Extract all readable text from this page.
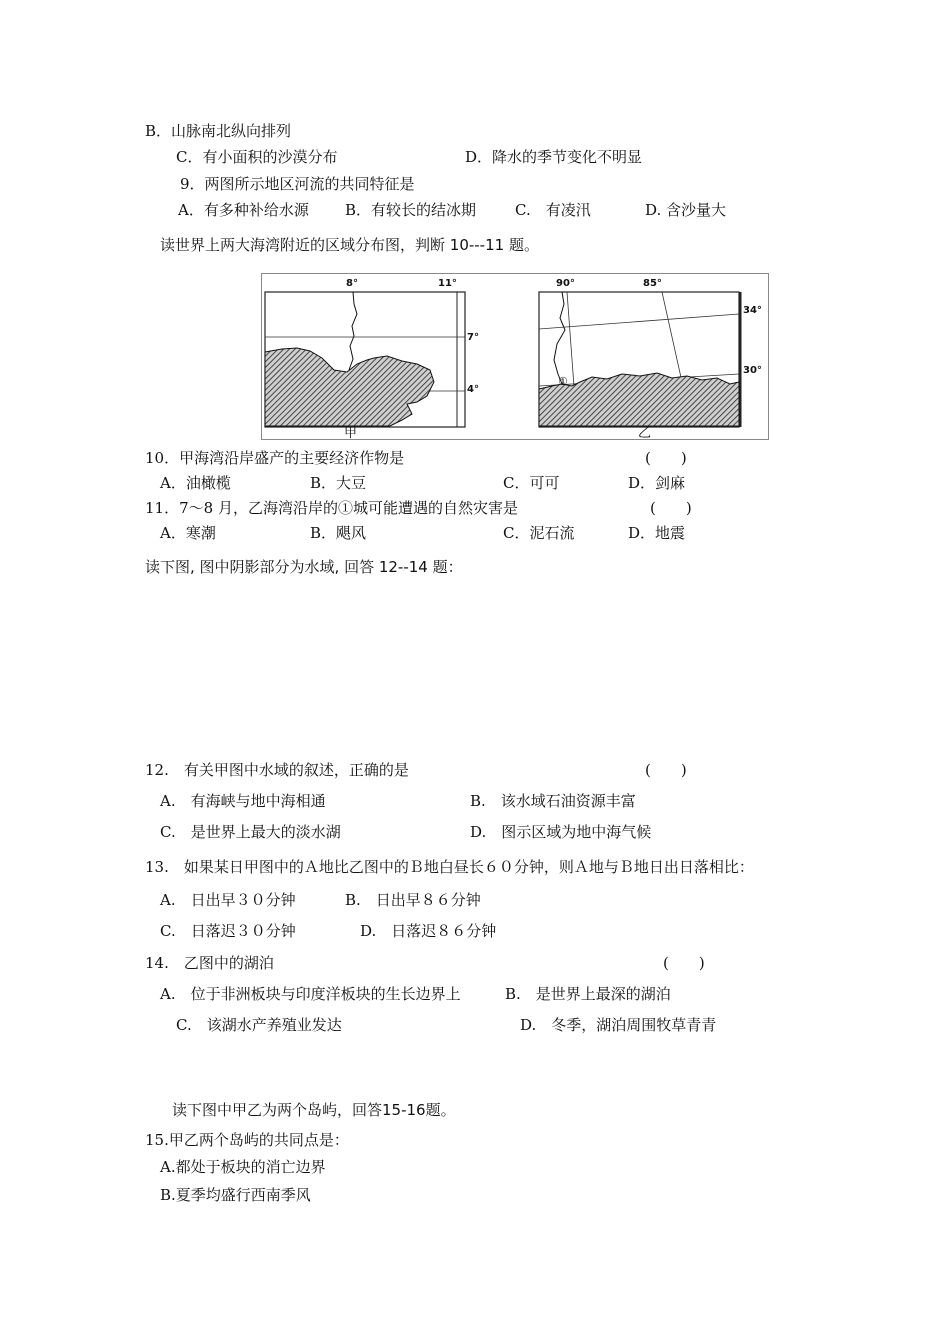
B．山脉南北纵向排列
C．有小面积的沙漠分布	D．降水的季节变化不明显
9．两图所示地区河流的共同特征是
A．有多种补给水源 B．有较长的结冰期	C.　有凌汛	D. 含沙量大
读世界上两大海湾附近的区域分布图，判断 10---11 题。
8°	11°
7°
4°
甲
①
90°	85°
34°
30°
乙
10．甲海湾沿岸盛产的主要经济作物是	(　　)
A．油橄榄	B．大豆	C．可可	D．剑麻
11．7～8 月，乙海湾沿岸的①城可能遭遇的自然灾害是	(　　)
A．寒潮	B．飓风	C．泥石流	D．地震
读下图, 图中阴影部分为水域, 回答 12--14 题：
12.　有关甲图中水域的叙述，正确的是	(　　)
A.　有海峡与地中海相通	B.　该水域石油资源丰富
C.　是世界上最大的淡水湖	D.　图示区域为地中海气候
13.　如果某日甲图中的Ａ地比乙图中的Ｂ地白昼长６０分钟，则Ａ地与Ｂ地日出日落相比：
A.　日出早３０分钟	B.　日出早８６分钟
C.　日落迟３０分钟	D.　日落迟８６分钟
14.　乙图中的湖泊	(　　)
A.　位于非洲板块与印度洋板块的生长边界上	B.　是世界上最深的湖泊
C.　该湖水产养殖业发达	D.　冬季，湖泊周围牧草青青
读下图中甲乙为两个岛屿，回答15-16题。
15.甲乙两个岛屿的共同点是：
A.都处于板块的消亡边界
B.夏季均盛行西南季风
